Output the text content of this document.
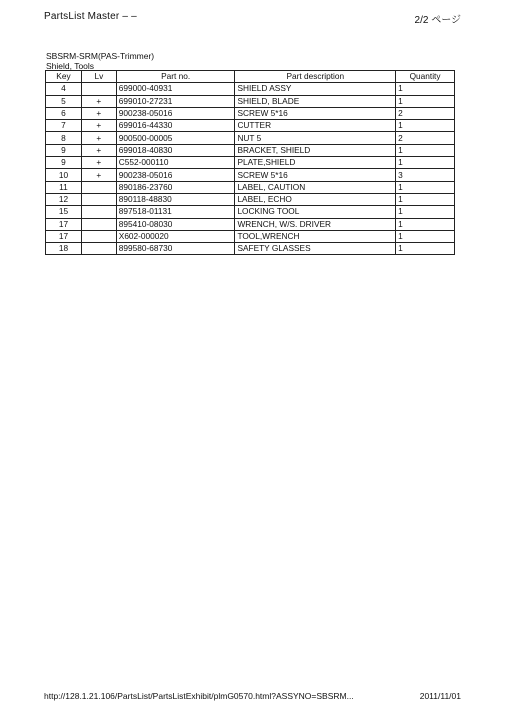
PartsList Master – –	2/2 ページ
SBSRM-SRM(PAS-Trimmer)
Shield, Tools
Key	Lv	Part no.	Part description	Quantity
4		699000-40931	SHIELD ASSY	1
5	+	699010-27231	SHIELD, BLADE	1
6	+	900238-05016	SCREW 5*16	2
7	+	699016-44330	CUTTER	1
8	+	900500-00005	NUT 5	2
9	+	699018-40830	BRACKET, SHIELD	1
9	+	C552-000110	PLATE,SHIELD	1
10	+	900238-05016	SCREW 5*16	3
11		890186-23760	LABEL, CAUTION	1
12		890118-48830	LABEL, ECHO	1
15		897518-01131	LOCKING TOOL	1
17		895410-08030	WRENCH, W/S. DRIVER	1
17		X602-000020	TOOL,WRENCH	1
18		899580-68730	SAFETY GLASSES	1
http://128.1.21.106/PartsList/PartsListExhibit/plmG0570.html?ASSYNO=SBSRM...	2011/11/01
